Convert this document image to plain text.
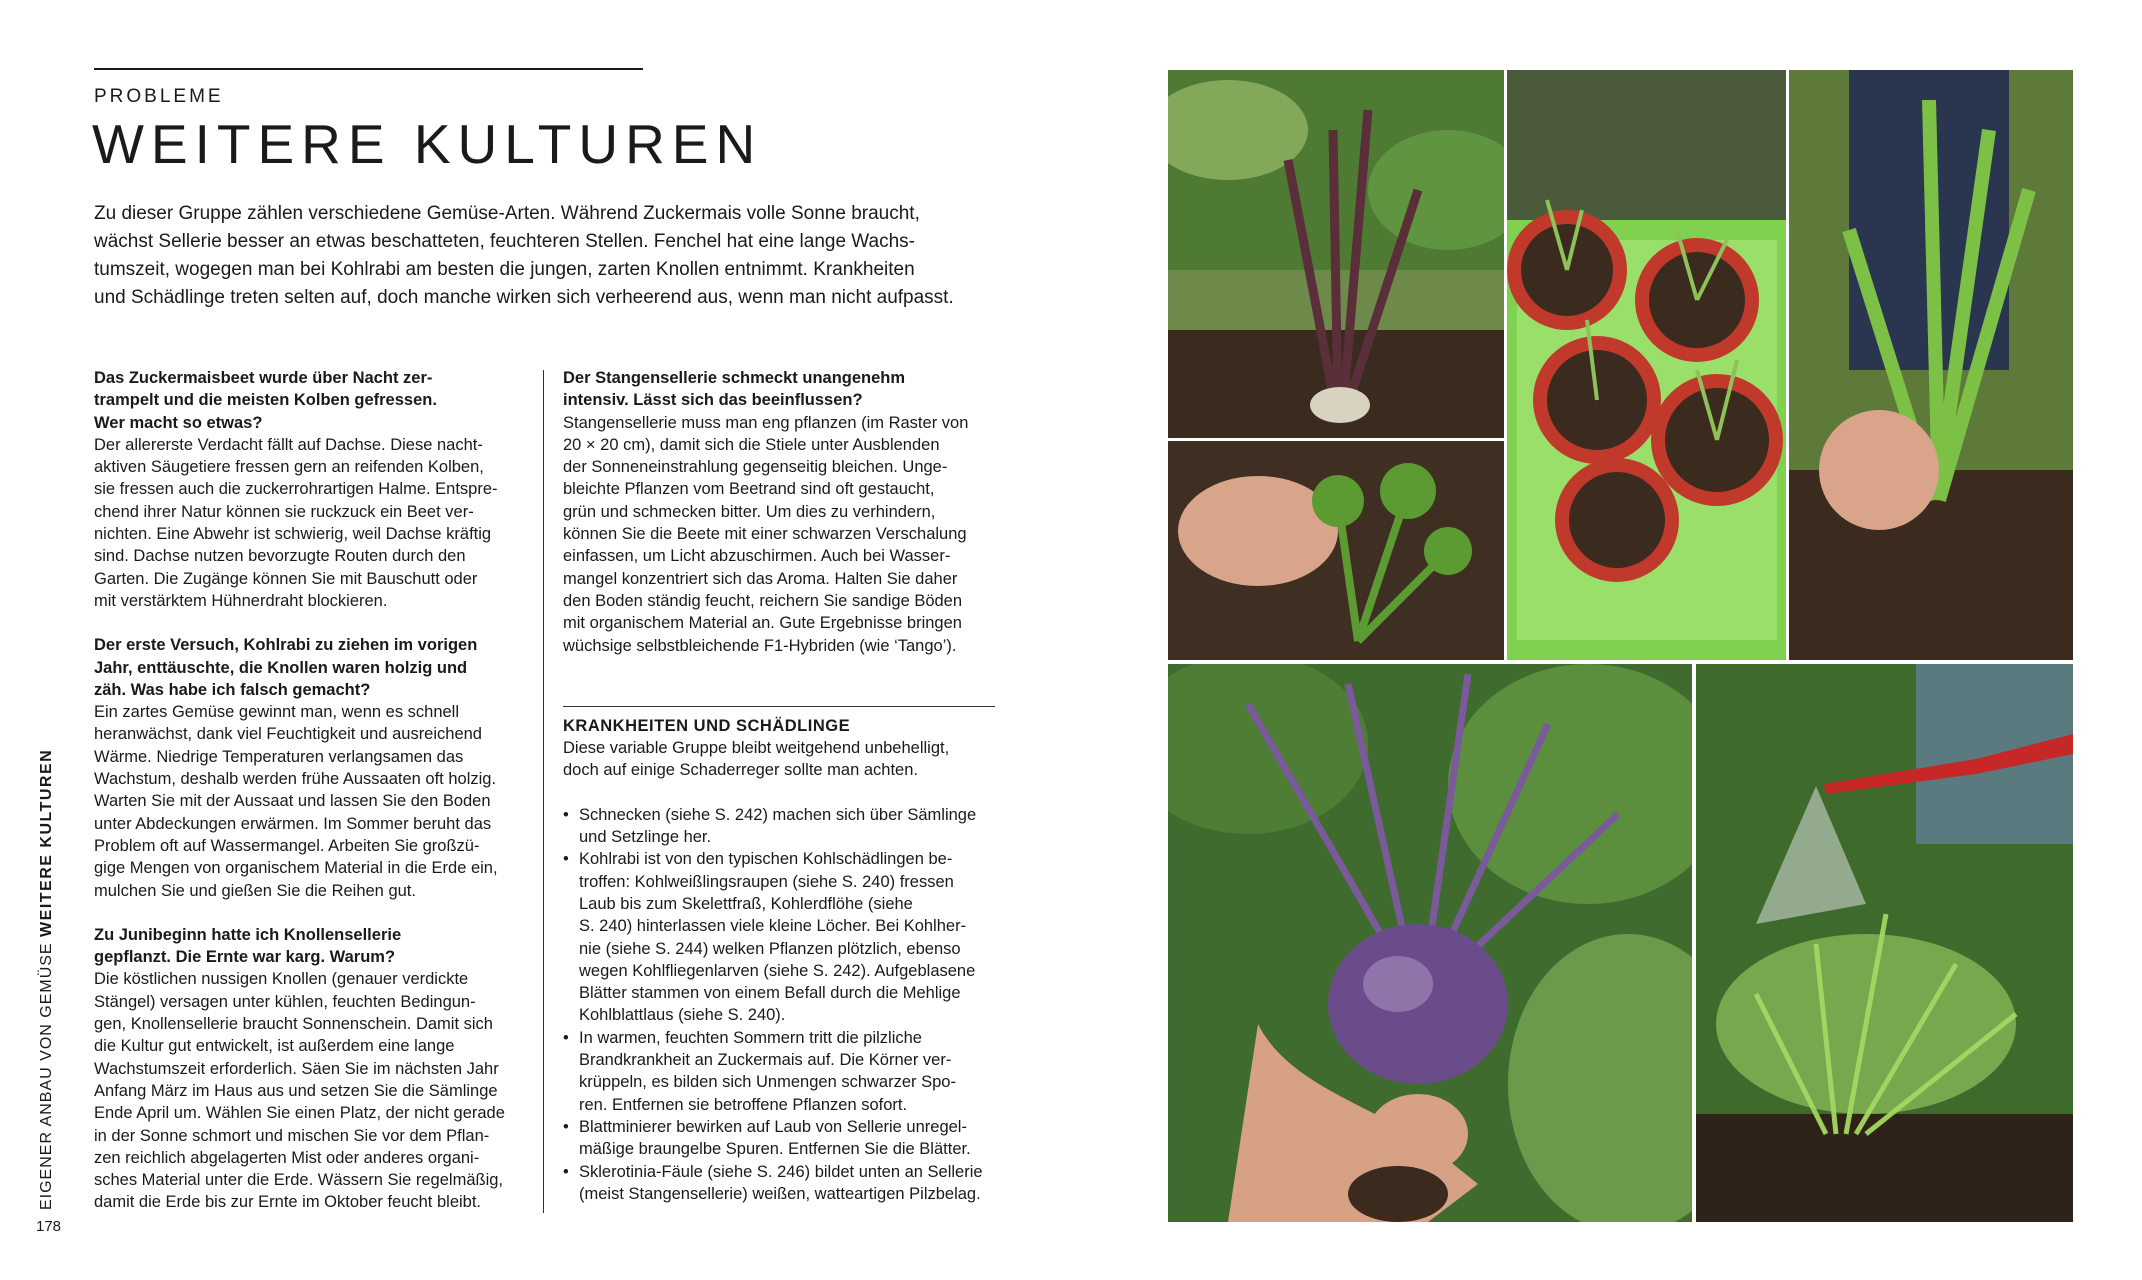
PROBLEME
WEITERE KULTUREN
Zu dieser Gruppe zählen verschiedene Gemüse-Arten. Während Zuckermais volle Sonne braucht,
wächst Sellerie besser an etwas beschatteten, feuchteren Stellen. Fenchel hat eine lange Wachs-
tumszeit, wogegen man bei Kohlrabi am besten die jungen, zarten Knollen entnimmt. Krankheiten
und Schädlinge treten selten auf, doch manche wirken sich verheerend aus, wenn man nicht aufpasst.
Das Zuckermaisbeet wurde über Nacht zer-
trampelt und die meisten Kolben gefressen.
Wer macht so etwas?
Der allererste Verdacht fällt auf Dachse. Diese nacht-
aktiven Säugetiere fressen gern an reifenden Kolben,
sie fressen auch die zuckerrohrartigen Halme. Entspre-
chend ihrer Natur können sie ruckzuck ein Beet ver-
nichten. Eine Abwehr ist schwierig, weil Dachse kräftig
sind. Dachse nutzen bevorzugte Routen durch den
Garten. Die Zugänge können Sie mit Bauschutt oder
mit verstärktem Hühnerdraht blockieren.
Der erste Versuch, Kohlrabi zu ziehen im vorigen
Jahr, enttäuschte, die Knollen waren holzig und
zäh. Was habe ich falsch gemacht?
Ein zartes Gemüse gewinnt man, wenn es schnell
heranwächst, dank viel Feuchtigkeit und ausreichend
Wärme. Niedrige Temperaturen verlangsamen das
Wachstum, deshalb werden frühe Aussaaten oft holzig.
Warten Sie mit der Aussaat und lassen Sie den Boden
unter Abdeckungen erwärmen. Im Sommer beruht das
Problem oft auf Wassermangel. Arbeiten Sie großzü-
gige Mengen von organischem Material in die Erde ein,
mulchen Sie und gießen Sie die Reihen gut.
Zu Junibeginn hatte ich Knollensellerie
gepflanzt. Die Ernte war karg. Warum?
Die köstlichen nussigen Knollen (genauer verdickte
Stängel) versagen unter kühlen, feuchten Bedingun-
gen, Knollensellerie braucht Sonnenschein. Damit sich
die Kultur gut entwickelt, ist außerdem eine lange
Wachstumszeit erforderlich. Säen Sie im nächsten Jahr
Anfang März im Haus aus und setzen Sie die Sämlinge
Ende April um. Wählen Sie einen Platz, der nicht gerade
in der Sonne schmort und mischen Sie vor dem Pflan-
zen reichlich abgelagerten Mist oder anderes organi-
sches Material unter die Erde. Wässern Sie regelmäßig,
damit die Erde bis zur Ernte im Oktober feucht bleibt.
Der Stangensellerie schmeckt unangenehm
intensiv. Lässt sich das beeinflussen?
Stangensellerie muss man eng pflanzen (im Raster von
20 × 20 cm), damit sich die Stiele unter Ausblenden
der Sonneneinstrahlung gegenseitig bleichen. Unge-
bleichte Pflanzen vom Beetrand sind oft gestaucht,
grün und schmecken bitter. Um dies zu verhindern,
können Sie die Beete mit einer schwarzen Verschalung
einfassen, um Licht abzuschirmen. Auch bei Wasser-
mangel konzentriert sich das Aroma. Halten Sie daher
den Boden ständig feucht, reichern Sie sandige Böden
mit organischem Material an. Gute Ergebnisse bringen
wüchsige selbstbleichende F1-Hybriden (wie ‘Tango’).
KRANKHEITEN UND SCHÄDLINGE
Diese variable Gruppe bleibt weitgehend unbehelligt,
doch auf einige Schaderreger sollte man achten.
• Schnecken (siehe S. 242) machen sich über Sämlinge
und Setzlinge her.
• Kohlrabi ist von den typischen Kohlschädlingen be-
troffen: Kohlweißlingsraupen (siehe S. 240) fressen
Laub bis zum Skelettfraß, Kohlerdflöhe (siehe
S. 240) hinterlassen viele kleine Löcher. Bei Kohlher-
nie (siehe S. 244) welken Pflanzen plötzlich, ebenso
wegen Kohlfliegenlarven (siehe S. 242). Aufgeblasene
Blätter stammen von einem Befall durch die Mehlige
Kohlblattlaus (siehe S. 240).
• In warmen, feuchten Sommern tritt die pilzliche
Brandkrankheit an Zuckermais auf. Die Körner ver-
krüppeln, es bilden sich Unmengen schwarzer Spo-
ren. Entfernen sie betroffene Pflanzen sofort.
• Blattminierer bewirken auf Laub von Sellerie unregel-
mäßige braungelbe Spuren. Entfernen Sie die Blätter.
• Sklerotinia-Fäule (siehe S. 246) bildet unten an Sellerie
(meist Stangensellerie) weißen, watteartigen Pilzbelag.
EIGENER ANBAU VON GEMÜSE WEITERE KULTUREN
178
